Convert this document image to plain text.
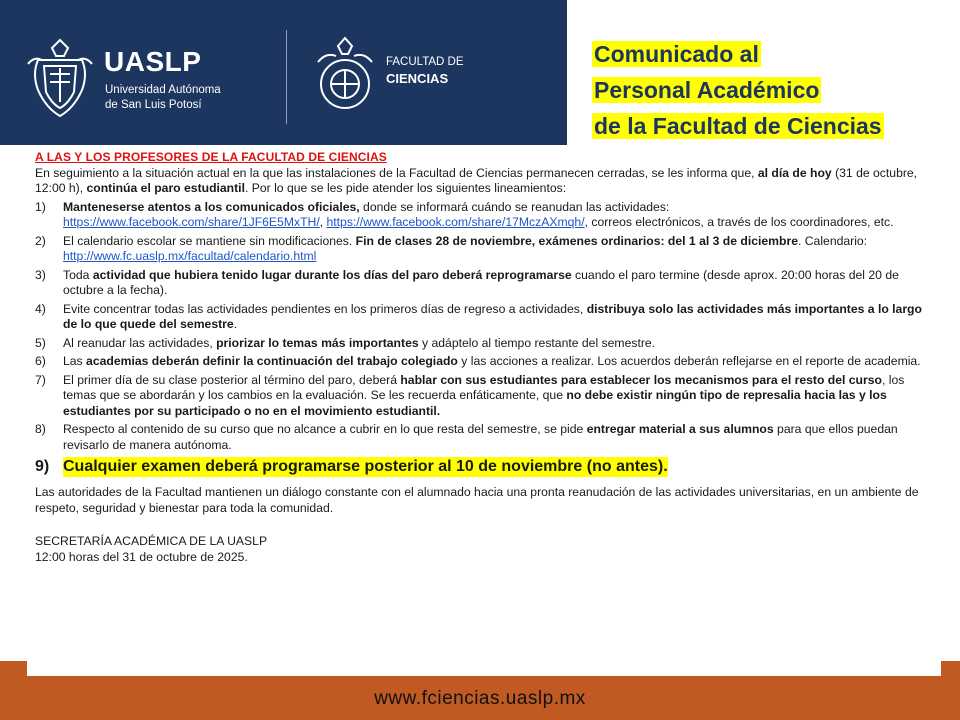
UASLP
Universidad Autónoma
de San Luis Potosí
FACULTAD DE
CIENCIAS
Comunicado al
Personal Académico
de la Facultad de Ciencias
A LAS Y LOS PROFESORES DE LA FACULTAD DE CIENCIAS

En seguimiento a la situación actual en la que las instalaciones de la Facultad de Ciencias permanecen cerradas, se les informa que, al día de hoy (31 de octubre, 12:00 h), continúa el paro estudiantil. Por lo que se les pide atender los siguientes lineamientos:

1)	Manteneserse atentos a los comunicados oficiales, donde se informará cuándo se reanudan las actividades: https://www.facebook.com/share/1JF6E5MxTH/, https://www.facebook.com/share/17MczAXmqh/, correos electrónicos, a través de los coordinadores, etc.
2)	El calendario escolar se mantiene sin modificaciones. Fin de clases 28 de noviembre, exámenes ordinarios: del 1 al 3 de diciembre. Calendario: http://www.fc.uaslp.mx/facultad/calendario.html
3)	Toda actividad que hubiera tenido lugar durante los días del paro deberá reprogramarse cuando el paro termine (desde aprox. 20:00 horas del 20 de octubre a la fecha).
4)	Evite concentrar todas las actividades pendientes en los primeros días de regreso a actividades, distribuya solo las actividades más importantes a lo largo de lo que quede del semestre.
5)	Al reanudar las actividades, priorizar lo temas más importantes y adáptelo al tiempo restante del semestre.
6)	Las academias deberán definir la continuación del trabajo colegiado y las acciones a realizar. Los acuerdos deberán reflejarse en el reporte de academia.
7)	El primer día de su clase posterior al término del paro, deberá hablar con sus estudiantes para establecer los mecanismos para el resto del curso, los temas que se abordarán y los cambios en la evaluación. Se les recuerda enfáticamente, que no debe existir ningún tipo de represalia hacia las y los estudiantes por su participado o no en el movimiento estudiantil.
8)	Respecto al contenido de su curso que no alcance a cubrir en lo que resta del semestre, se pide entregar material a sus alumnos para que ellos puedan revisarlo de manera autónoma.
9) Cualquier examen deberá programarse posterior al 10 de noviembre (no antes).

Las autoridades de la Facultad mantienen un diálogo constante con el alumnado hacia una pronta reanudación de las actividades universitarias, en un ambiente de respeto, seguridad y bienestar para toda la comunidad.

SECRETARÍA ACADÉMICA DE LA UASLP
12:00 horas del 31 de octubre de 2025.
www.fciencias.uaslp.mx
